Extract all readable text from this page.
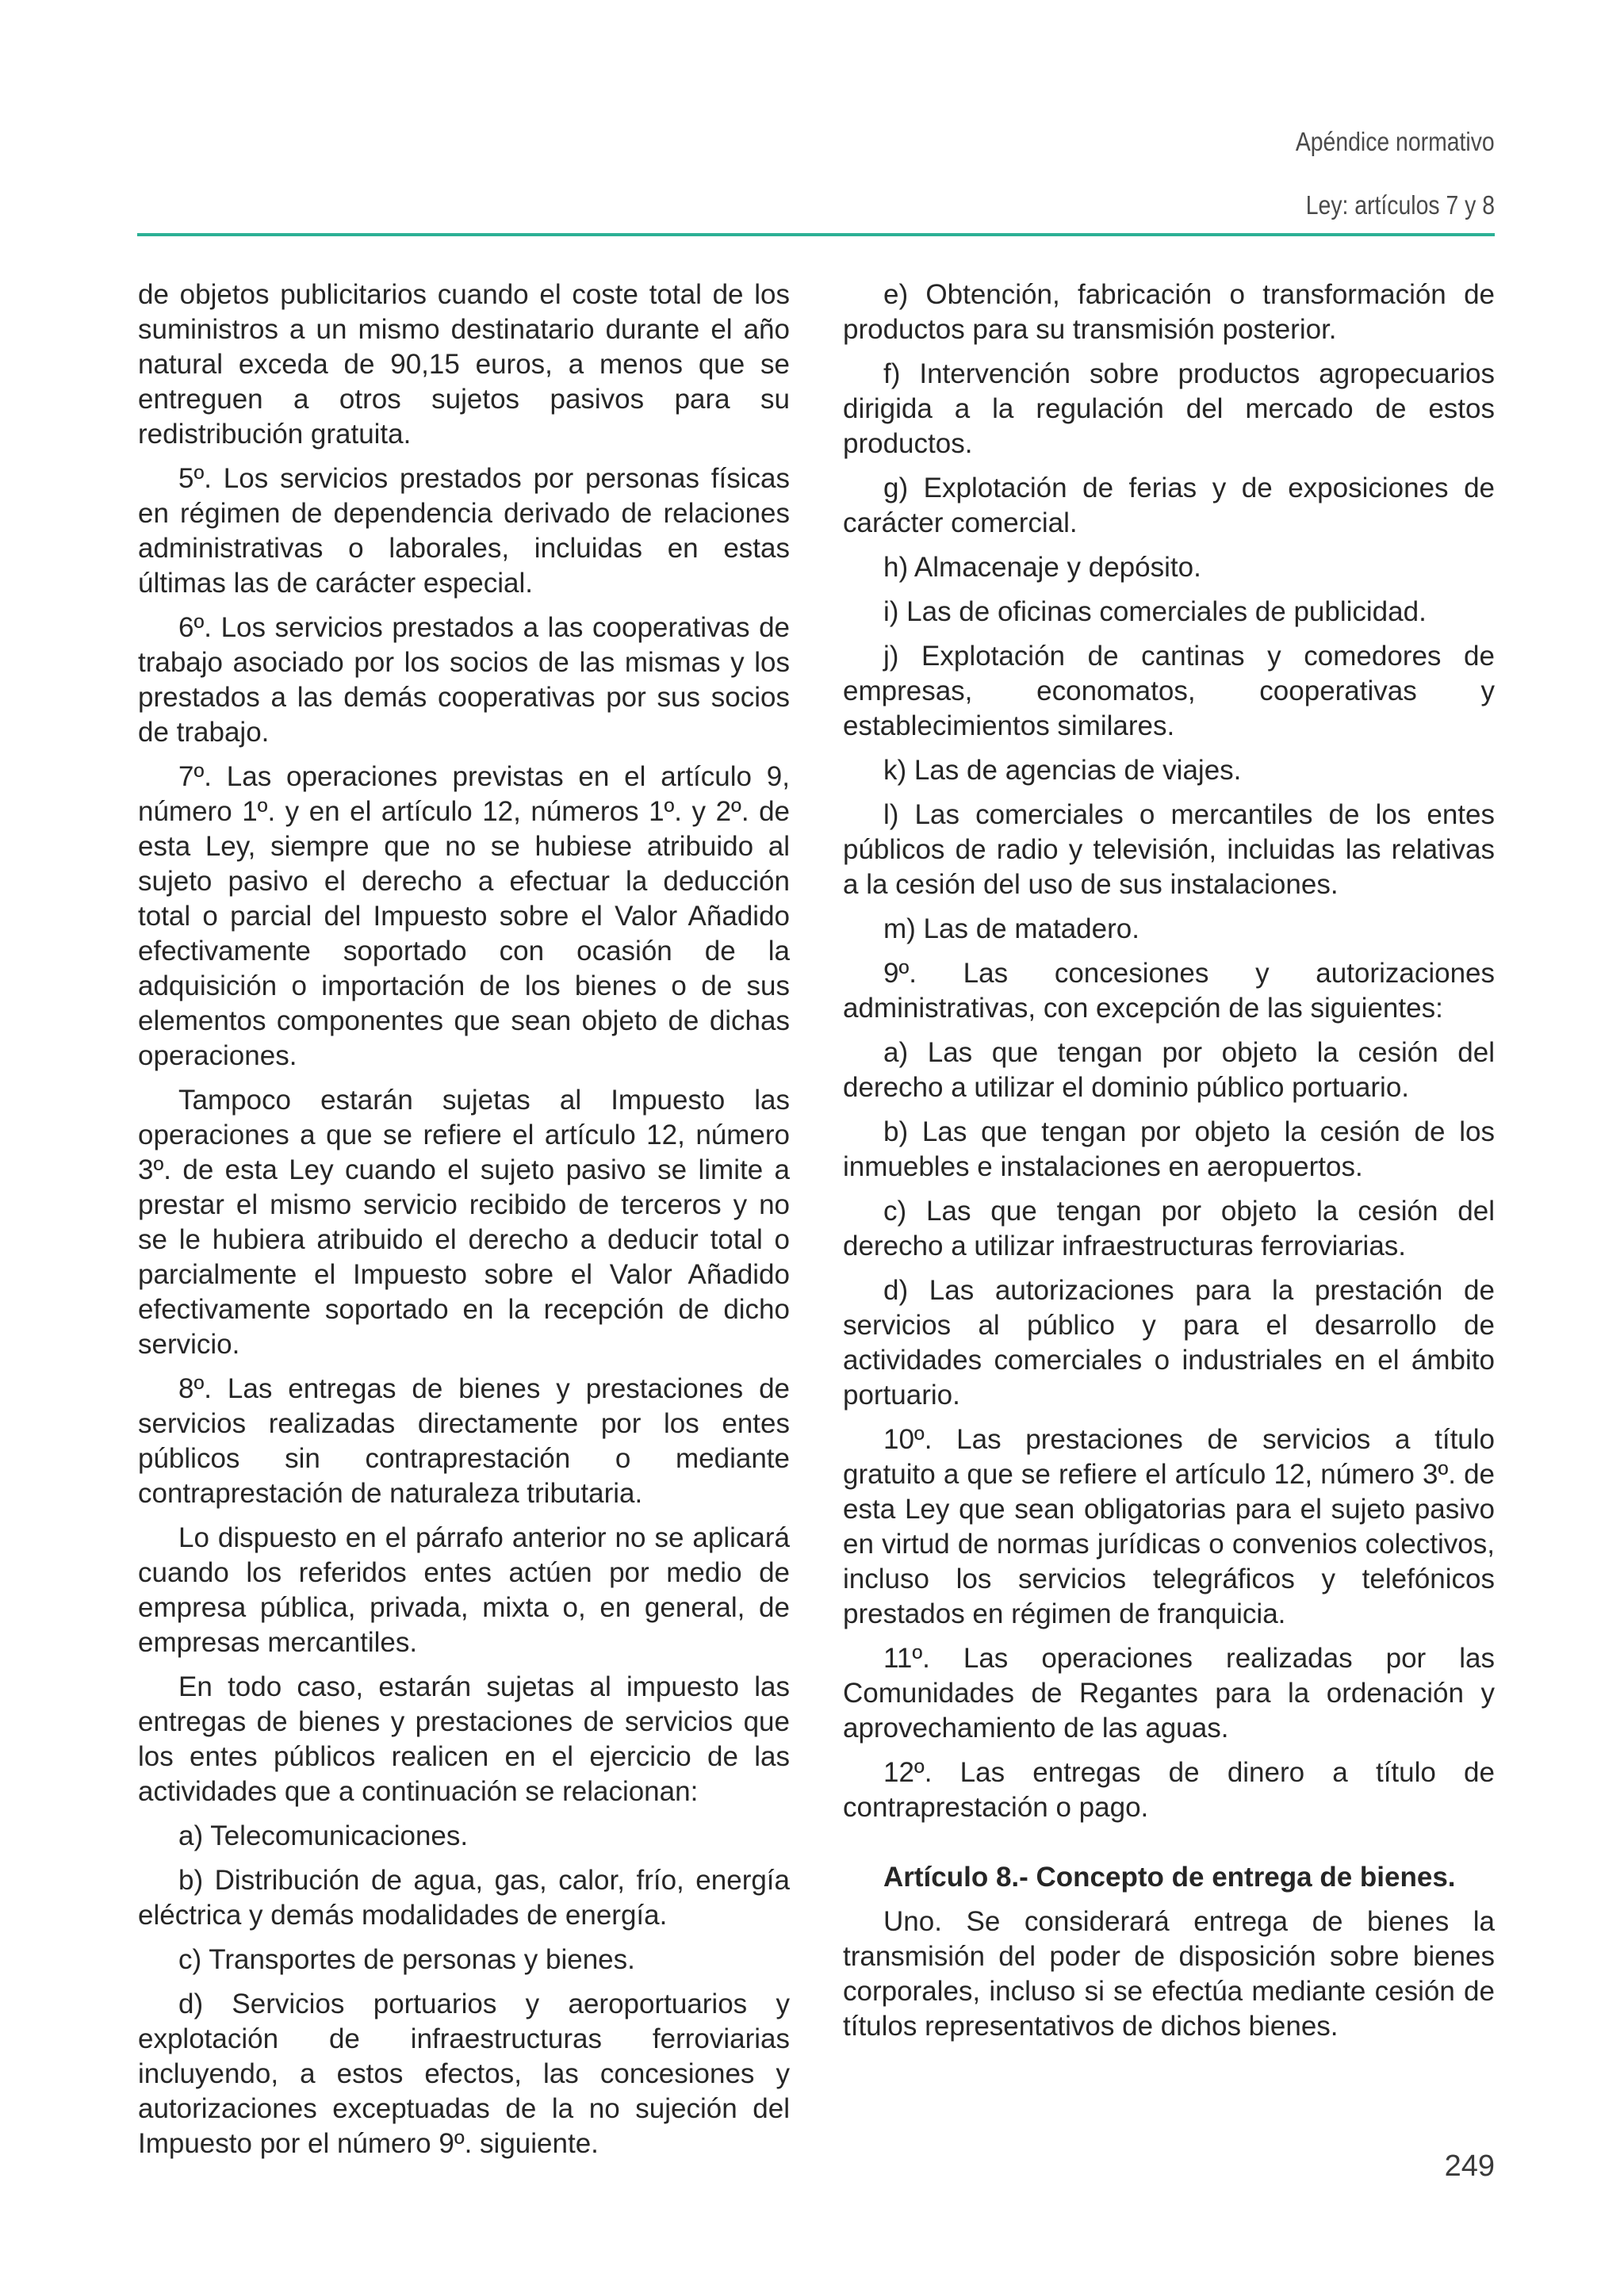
Apéndice normativo
Ley: artículos 7 y 8

de objetos publicitarios cuando el coste total de los suministros a un mismo destinatario durante el año natural exceda de 90,15 euros, a menos que se entreguen a otros sujetos pasivos para su redistribución gratuita.

5º. Los servicios prestados por personas físicas en régimen de dependencia derivado de relaciones administrativas o laborales, incluidas en estas últimas las de carácter especial.

6º. Los servicios prestados a las cooperativas de trabajo asociado por los socios de las mismas y los prestados a las demás cooperativas por sus socios de trabajo.

7º. Las operaciones previstas en el artículo 9, número 1º. y en el artículo 12, números 1º. y 2º. de esta Ley, siempre que no se hubiese atribuido al sujeto pasivo el derecho a efectuar la deducción total o parcial del Impuesto sobre el Valor Añadido efectivamente soportado con ocasión de la adquisición o importación de los bienes o de sus elementos componentes que sean objeto de dichas operaciones.

Tampoco estarán sujetas al Impuesto las operaciones a que se refiere el artículo 12, número 3º. de esta Ley cuando el sujeto pasivo se limite a prestar el mismo servicio recibido de terceros y no se le hubiera atribuido el derecho a deducir total o parcialmente el Impuesto sobre el Valor Añadido efectivamente soportado en la recepción de dicho servicio.

8º. Las entregas de bienes y prestaciones de servicios realizadas directamente por los entes públicos sin contraprestación o mediante contraprestación de naturaleza tributaria.

Lo dispuesto en el párrafo anterior no se aplicará cuando los referidos entes actúen por medio de empresa pública, privada, mixta o, en general, de empresas mercantiles.

En todo caso, estarán sujetas al impuesto las entregas de bienes y prestaciones de servicios que los entes públicos realicen en el ejercicio de las actividades que a continuación se relacionan:

a) Telecomunicaciones.

b) Distribución de agua, gas, calor, frío, energía eléctrica y demás modalidades de energía.

c) Transportes de personas y bienes.

d) Servicios portuarios y aeroportuarios y explotación de infraestructuras ferroviarias incluyendo, a estos efectos, las concesiones y autorizaciones exceptuadas de la no sujeción del Impuesto por el número 9º. siguiente.

e) Obtención, fabricación o transformación de productos para su transmisión posterior.

f) Intervención sobre productos agropecuarios dirigida a la regulación del mercado de estos productos.

g) Explotación de ferias y de exposiciones de carácter comercial.

h) Almacenaje y depósito.

i) Las de oficinas comerciales de publicidad.

j) Explotación de cantinas y comedores de empresas, economatos, cooperativas y establecimientos similares.

k) Las de agencias de viajes.

l) Las comerciales o mercantiles de los entes públicos de radio y televisión, incluidas las relativas a la cesión del uso de sus instalaciones.

m) Las de matadero.

9º. Las concesiones y autorizaciones administrativas, con excepción de las siguientes:

a) Las que tengan por objeto la cesión del derecho a utilizar el dominio público portuario.

b) Las que tengan por objeto la cesión de los inmuebles e instalaciones en aeropuertos.

c) Las que tengan por objeto la cesión del derecho a utilizar infraestructuras ferroviarias.

d) Las autorizaciones para la prestación de servicios al público y para el desarrollo de actividades comerciales o industriales en el ámbito portuario.

10º. Las prestaciones de servicios a título gratuito a que se refiere el artículo 12, número 3º. de esta Ley que sean obligatorias para el sujeto pasivo en virtud de normas jurídicas o convenios colectivos, incluso los servicios telegráficos y telefónicos prestados en régimen de franquicia.

11º. Las operaciones realizadas por las Comunidades de Regantes para la ordenación y aprovechamiento de las aguas.

12º. Las entregas de dinero a título de contraprestación o pago.

Artículo 8.- Concepto de entrega de bienes.

Uno. Se considerará entrega de bienes la transmisión del poder de disposición sobre bienes corporales, incluso si se efectúa mediante cesión de títulos representativos de dichos bienes.

249
